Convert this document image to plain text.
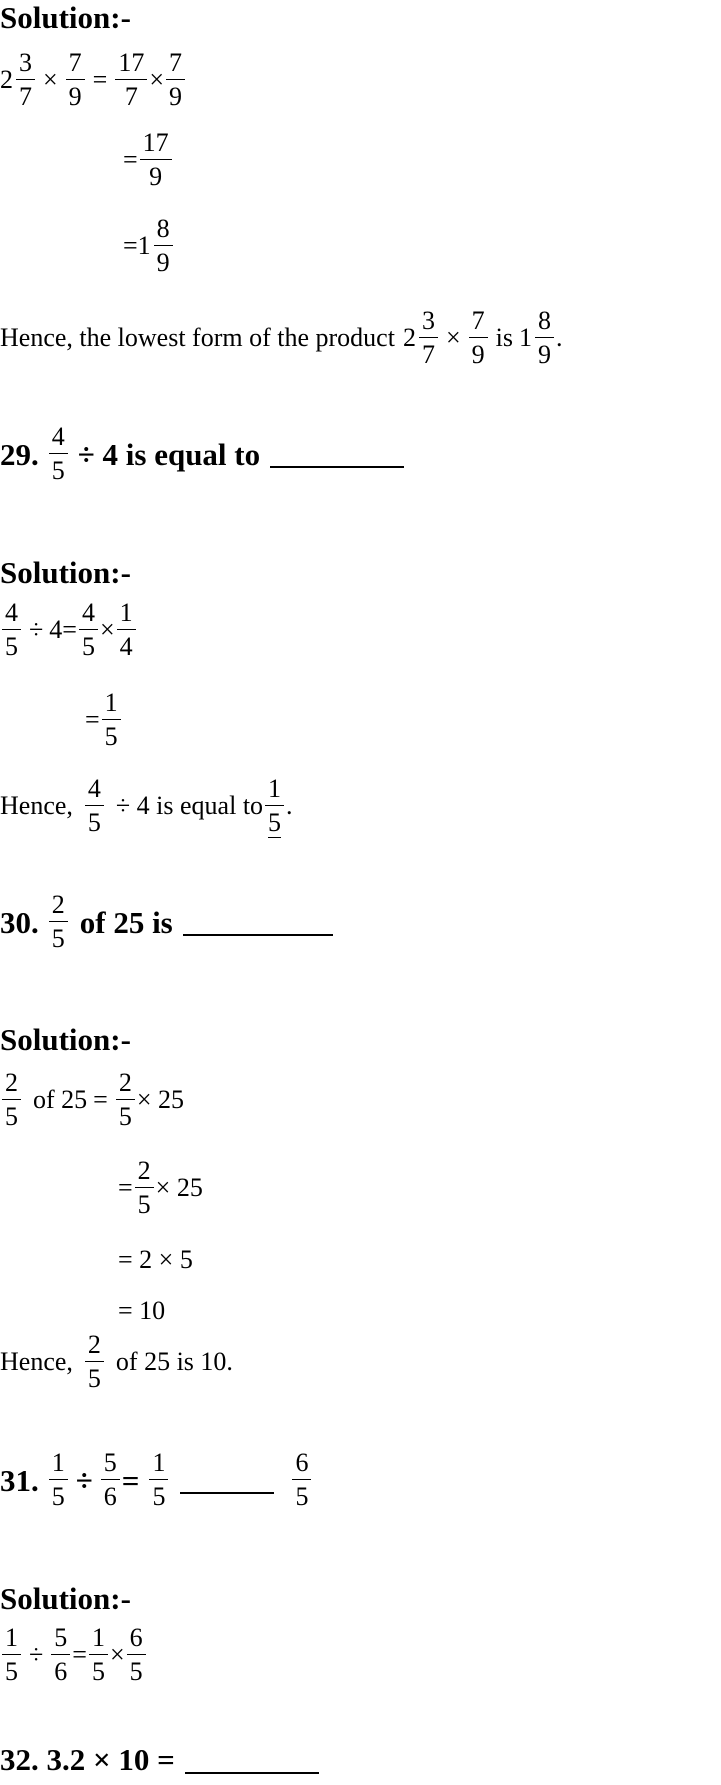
Solution:-
$2 \frac{3}{7} \times \frac{7}{9} = \frac{17}{7} \times \frac{7}{9}$
= $\frac{17}{9}$
= $1 \frac{8}{9}$
Hence, the lowest form of the product $2 \frac{3}{7} \times \frac{7}{9}$ is $1 \frac{8}{9}$ .
29. $\frac{4}{5} \div 4$ is equal to
Solution:-
$\frac{4}{5} \div 4 = \frac{4}{5} \times \frac{1}{4}$
= $\frac{1}{5}$
Hence, $\frac{4}{5} \div 4$ is equal to $\frac{1}{5}$ .
30. $\frac{2}{5}$ of 25 is
Solution:-
$\frac{2}{5}$ of $25 = \frac{2}{5} \times 25$
= $\frac{2}{5} \times 25$
= 2 × 5
= 10
Hence, $\frac{2}{5}$ of 25 is 10.
31. $\frac{1}{5} \div \frac{5}{6} = \frac{1}{5}$	$\frac{6}{5}$
Solution:-
$\frac{1}{5} \div \frac{5}{6} = \frac{1}{5} \times \frac{6}{5}$
32. 3.2 × 10 =
